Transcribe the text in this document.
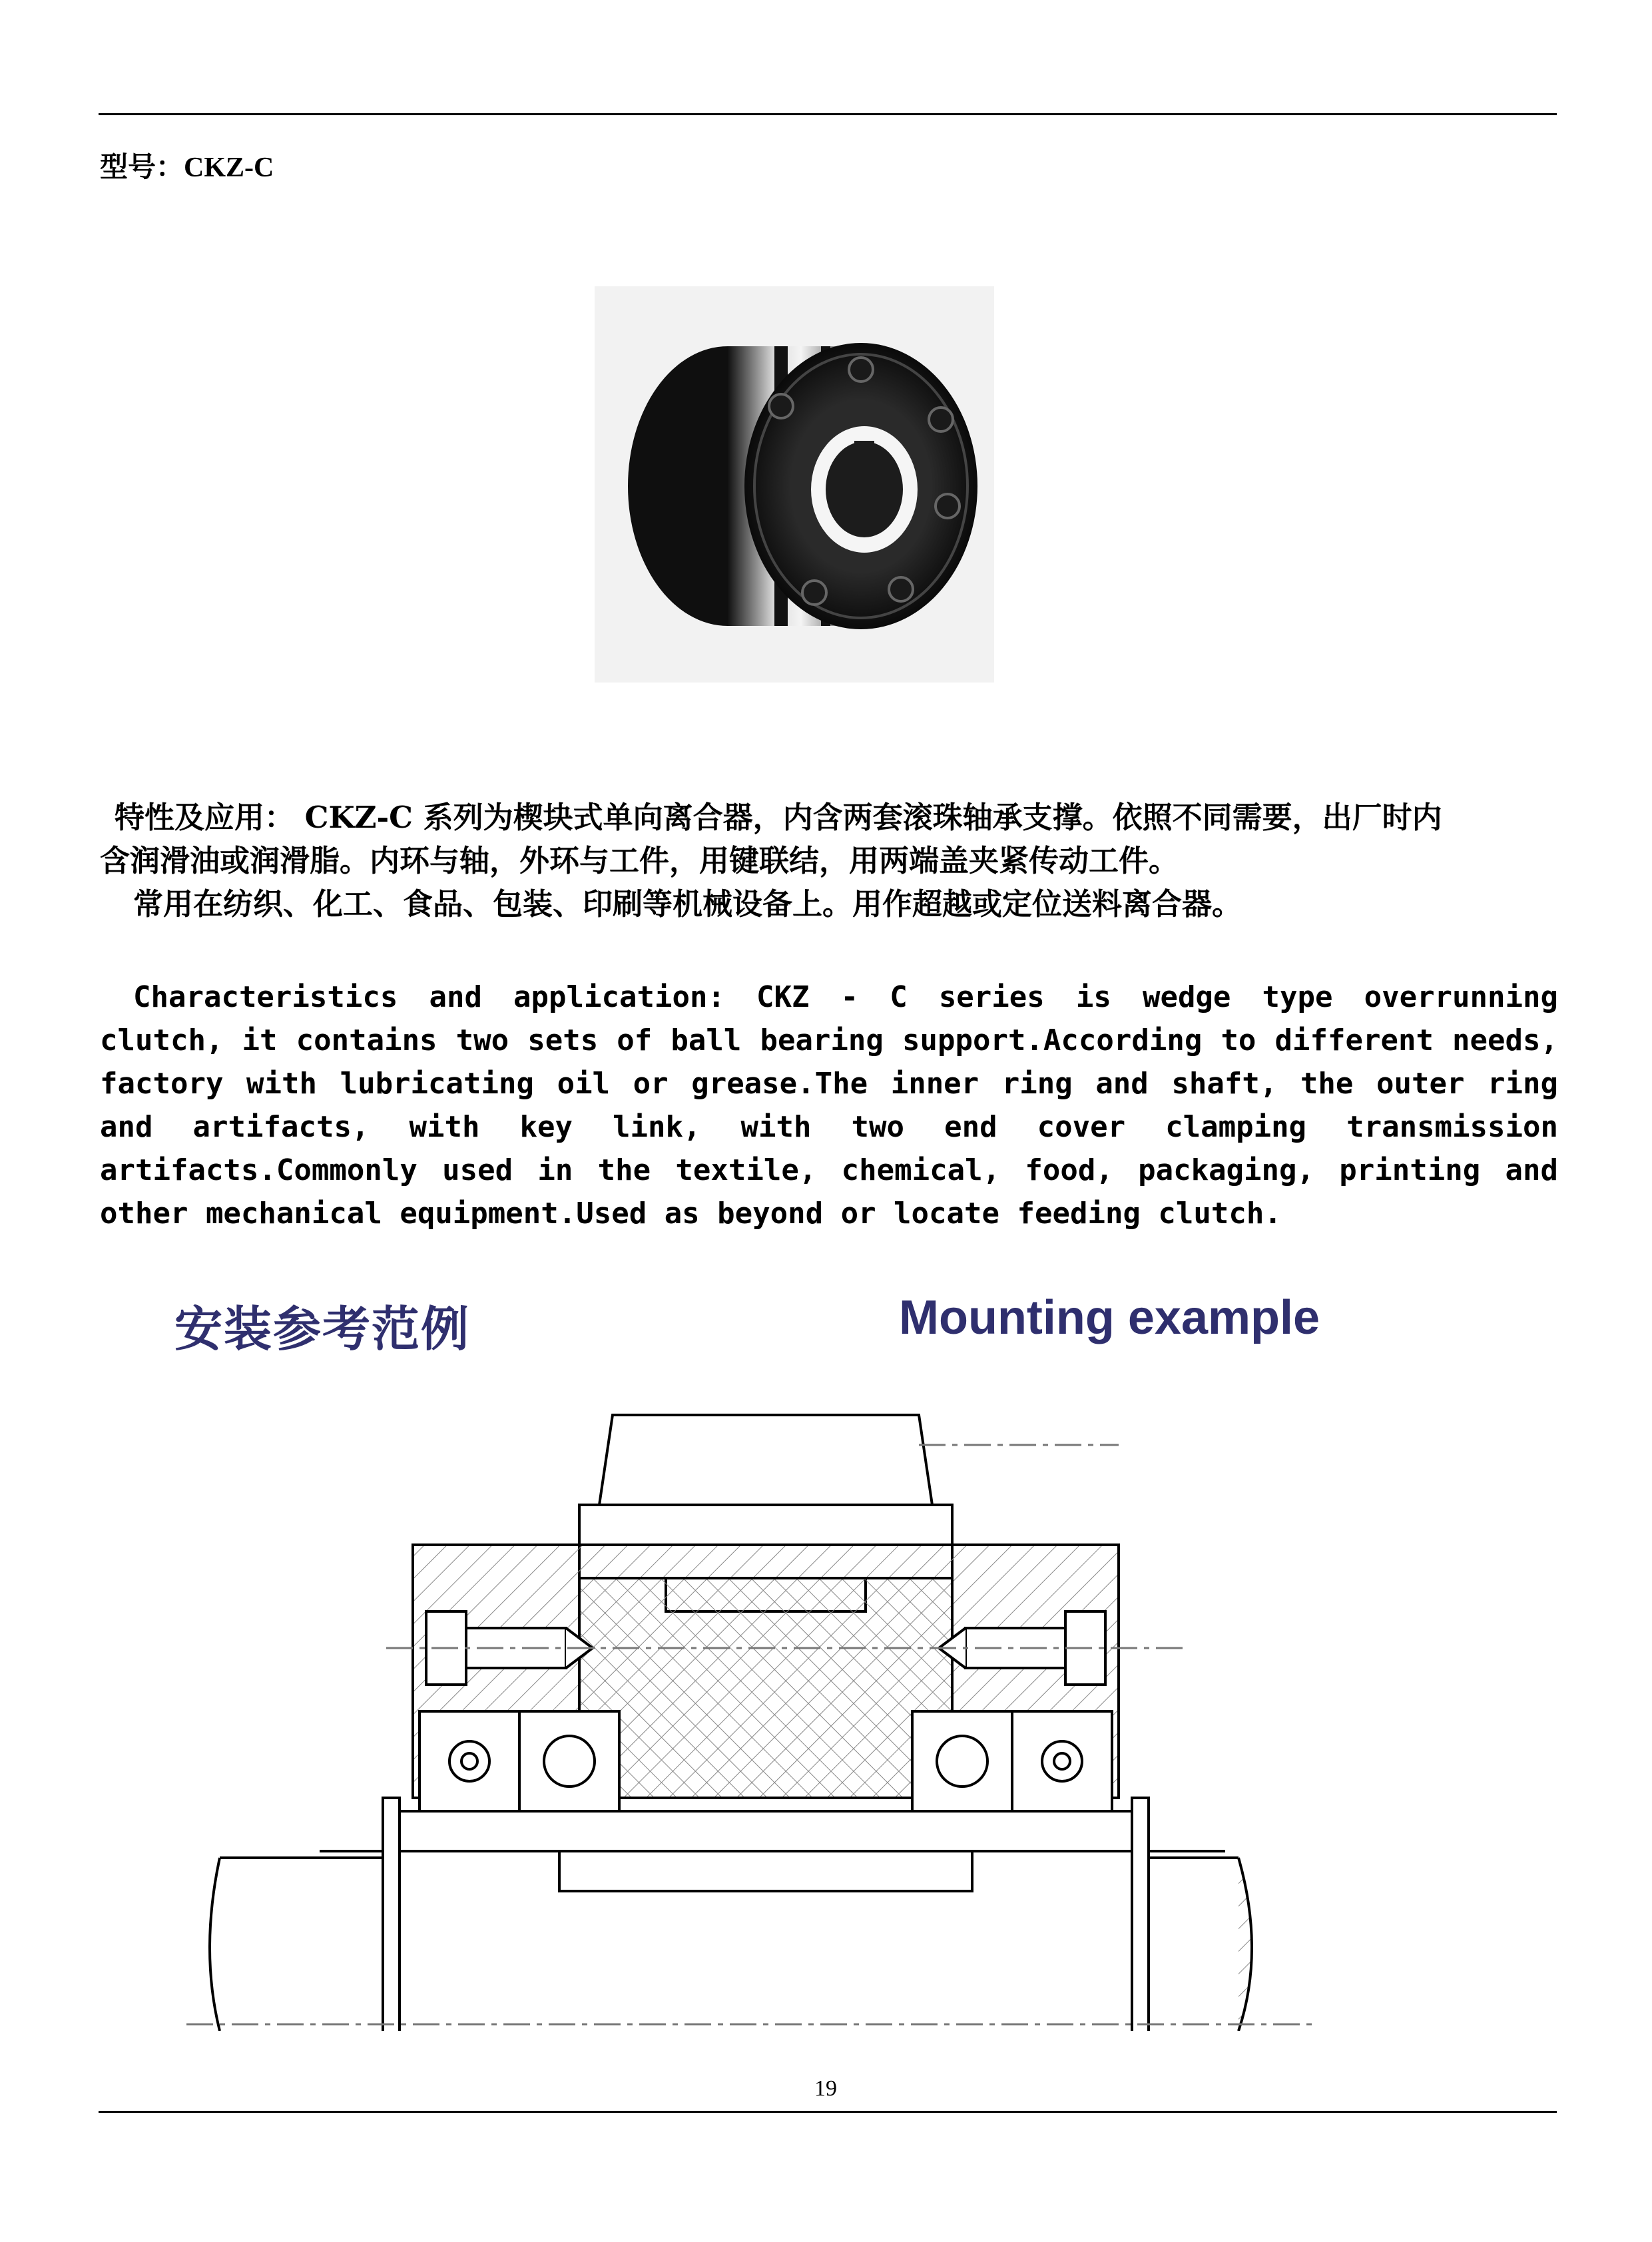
型号：CKZ-C

特性及应用： CKZ-C 系列为楔块式单向离合器，内含两套滚珠轴承支撑。依照不同需要，出厂时内

含润滑油或润滑脂。内环与轴，外环与工件，用键联结，用两端盖夹紧传动工件。

常用在纺织、化工、食品、包装、印刷等机械设备上。用作超越或定位送料离合器。

Characteristics and application: CKZ - C series is wedge type overrunning clutch, it contains two sets of ball bearing support.According to different needs, factory with lubricating oil or grease.The inner ring and shaft, the outer ring and artifacts, with key link, with two end cover clamping transmission artifacts.Commonly used in the textile, chemical, food, packaging, printing and other mechanical equipment.Used as beyond or locate feeding clutch.

安装参考范例	Mounting example
19
